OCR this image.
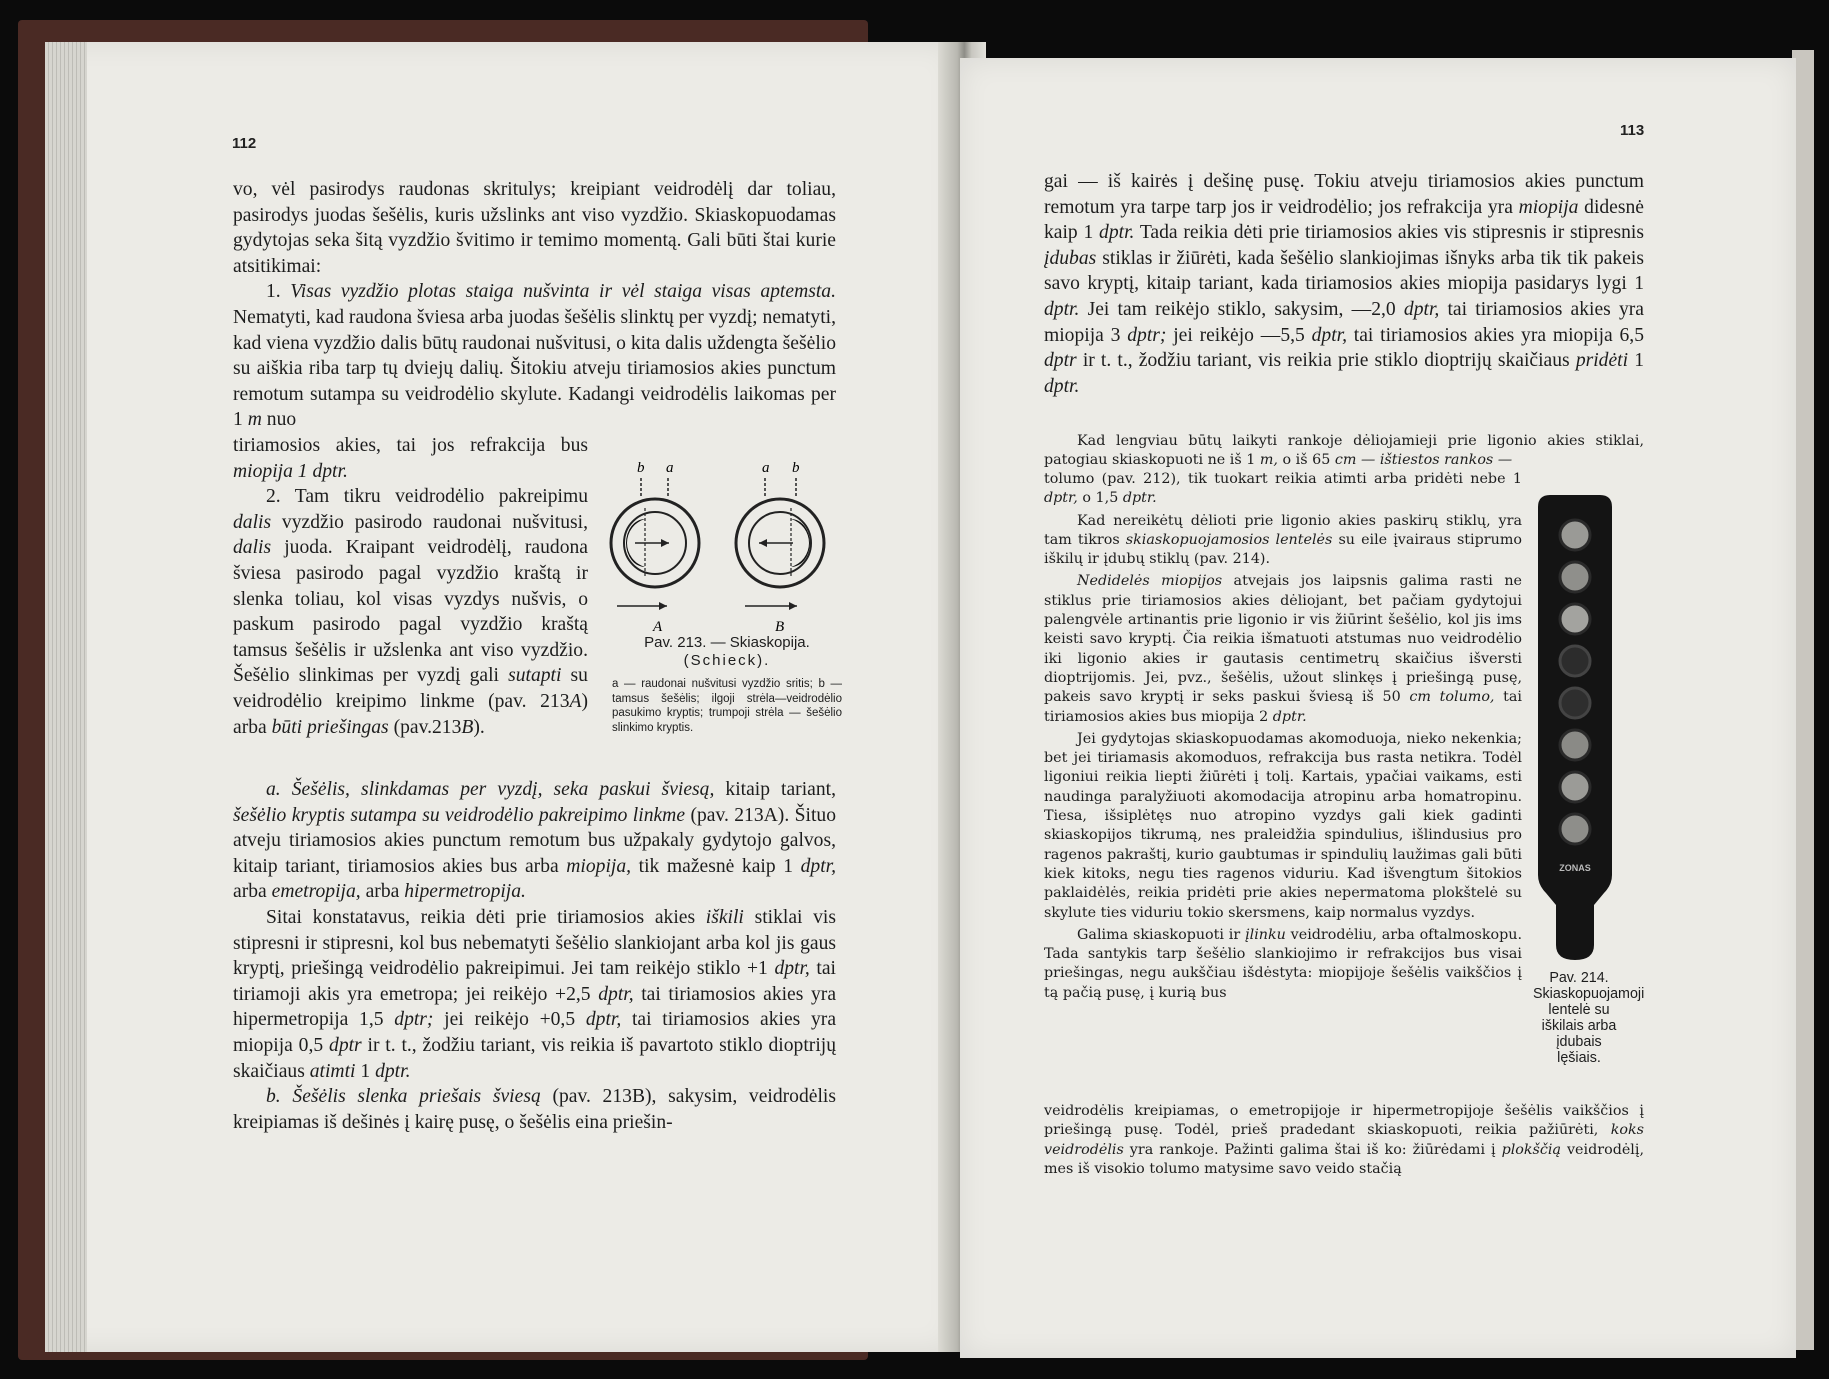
112

vo, vėl pasirodys raudonas skritulys; kreipiant veidrodėlį dar toliau, pasirodys juodas šešėlis, kuris užslinks ant viso vyzdžio. Skiaskopuodamas gydytojas seka šitą vyzdžio švitimo ir temimo momentą. Gali būti štai kurie atsitikimai:

1. Visas vyzdžio plotas staiga nušvinta ir vėl staiga visas aptemsta. Nematyti, kad raudona šviesa arba juodas šešėlis slinktų per vyzdį; nematyti, kad viena vyzdžio dalis būtų raudonai nušvitusi, o kita dalis uždengta šešėlio su aiškia riba tarp tų dviejų dalių. Šitokiu atveju tiriamosios akies punctum remotum sutampa su veidrodėlio skylute. Kadangi veidrodėlis laikomas per 1 m nuo

tiriamosios akies, tai jos refrakcija bus miopija 1 dptr.

2. Tam tikru veidrodėlio pakreipimu dalis vyzdžio pasirodo raudonai nušvitusi, dalis juoda. Kraipant veidrodėlį, raudona šviesa pasirodo pagal vyzdžio kraštą ir slenka toliau, kol visas vyzdys nušvis, o paskum pasirodo pagal vyzdžio kraštą tamsus šešėlis ir užslenka ant viso vyzdžio. Šešėlio slinkimas per vyzdį gali sutapti su veidrodėlio kreipimo linkme (pav. 213A) arba būti priešingas (pav.213B).

b a
A
a b
B
Pav. 213. — Skiaskopija.
(Schieck).
a — raudonai nušvitusi vyzdžio sritis; b — tamsus šešėlis; ilgoji strėla—veidrodėlio pasukimo kryptis; trumpoji strėla — šešėlio slinkimo kryptis.

a. Šešėlis, slinkdamas per vyzdį, seka paskui šviesą, kitaip tariant, šešėlio kryptis sutampa su veidrodėlio pakreipimo linkme (pav. 213A). Šituo atveju tiriamosios akies punctum remotum bus užpakaly gydytojo galvos, kitaip tariant, tiriamosios akies bus arba miopija, tik mažesnė kaip 1 dptr, arba emetropija, arba hipermetropija.

Sitai konstatavus, reikia dėti prie tiriamosios akies iškili stiklai vis stipresni ir stipresni, kol bus nebematyti šešėlio slankiojant arba kol jis gaus kryptį, priešingą veidrodėlio pakreipimui. Jei tam reikėjo stiklo +1 dptr, tai tiriamoji akis yra emetropa; jei reikėjo +2,5 dptr, tai tiriamosios akies yra hipermetropija 1,5 dptr; jei reikėjo +0,5 dptr, tai tiriamosios akies yra miopija 0,5 dptr ir t. t., žodžiu tariant, vis reikia iš pavartoto stiklo dioptrijų skaičiaus atimti 1 dptr.

b. Šešėlis slenka priešais šviesą (pav. 213B), sakysim, veidrodėlis kreipiamas iš dešinės į kairę pusę, o šešėlis eina priešin-

113

gai — iš kairės į dešinę pusę. Tokiu atveju tiriamosios akies punctum remotum yra tarpe tarp jos ir veidrodėlio; jos refrakcija yra miopija didesnė kaip 1 dptr. Tada reikia dėti prie tiriamosios akies vis stipresnis ir stipresnis įdubas stiklas ir žiūrėti, kada šešėlio slankiojimas išnyks arba tik tik pakeis savo kryptį, kitaip tariant, kada tiriamosios akies miopija pasidarys lygi 1 dptr. Jei tam reikėjo stiklo, sakysim, —2,0 dptr, tai tiriamosios akies yra miopija 3 dptr; jei reikėjo —5,5 dptr, tai tiriamosios akies yra miopija 6,5 dptr ir t. t., žodžiu tariant, vis reikia prie stiklo dioptrijų skaičiaus pridėti 1 dptr.

Kad lengviau būtų laikyti rankoje dėliojamieji prie ligonio akies stiklai, patogiau skiaskopuoti ne iš 1 m, o iš 65 cm — ištiestos rankos —

tolumo (pav. 212), tik tuokart reikia atimti arba pridėti nebe 1 dptr, o 1,5 dptr.

Kad nereikėtų dėlioti prie ligonio akies paskirų stiklų, yra tam tikros skiaskopuojamosios lentelės su eile įvairaus stiprumo iškilų ir įdubų stiklų (pav. 214).

Nedidelės miopijos atvejais jos laipsnis galima rasti ne stiklus prie tiriamosios akies dėliojant, bet pačiam gydytojui palengvėle artinantis prie ligonio ir vis žiūrint šešėlio, kol jis ims keisti savo kryptį. Čia reikia išmatuoti atstumas nuo veidrodėlio iki ligonio akies ir gautasis centimetrų skaičius išversti dioptrijomis. Jei, pvz., šešėlis, užout slinkęs į priešingą pusę, pakeis savo kryptį ir seks paskui šviesą iš 50 cm tolumo, tai tiriamosios akies bus miopija 2 dptr.

Jei gydytojas skiaskopuodamas akomoduoja, nieko nekenkia; bet jei tiriamasis akomoduos, refrakcija bus rasta netikra. Todėl ligoniui reikia liepti žiūrėti į tolį. Kartais, ypačiai vaikams, esti naudinga paralyžiuoti akomodacija atropinu arba homatropinu. Tiesa, išsiplėtęs nuo atropino vyzdys gali kiek gadinti skiaskopijos tikrumą, nes praleidžia spindulius, išlindusius pro ragenos pakraštį, kurio gaubtumas ir spindulių laužimas gali būti kiek kitoks, negu ties ragenos viduriu. Kad išvengtum šitokios paklaidėlės, reikia pridėti prie akies nepermatoma plokštelė su skylute ties viduriu tokio skersmens, kaip normalus vyzdys.

Galima skiaskopuoti ir įlinku veidrodėliu, arba oftalmoskopu. Tada santykis tarp šešėlio slankiojimo ir refrakcijos bus visai priešingas, negu aukščiau išdėstyta: miopijoje šešėlis vaikščios į tą pačią pusę, į kurią bus

veidrodėlis kreipiamas, o emetropijoje ir hipermetropijoje šešėlis vaikščios į priešingą pusę. Todėl, prieš pradedant skiaskopuoti, reikia pažiūrėti, koks veidrodėlis yra rankoje. Pažinti galima štai iš ko: žiūrėdami į plokščią veidrodėlį, mes iš visokio tolumo matysime savo veido stačią

ZONAS
Pav. 214.
Skiaskopuojamoji lentelė su iškilais arba įdubais lęšiais.
